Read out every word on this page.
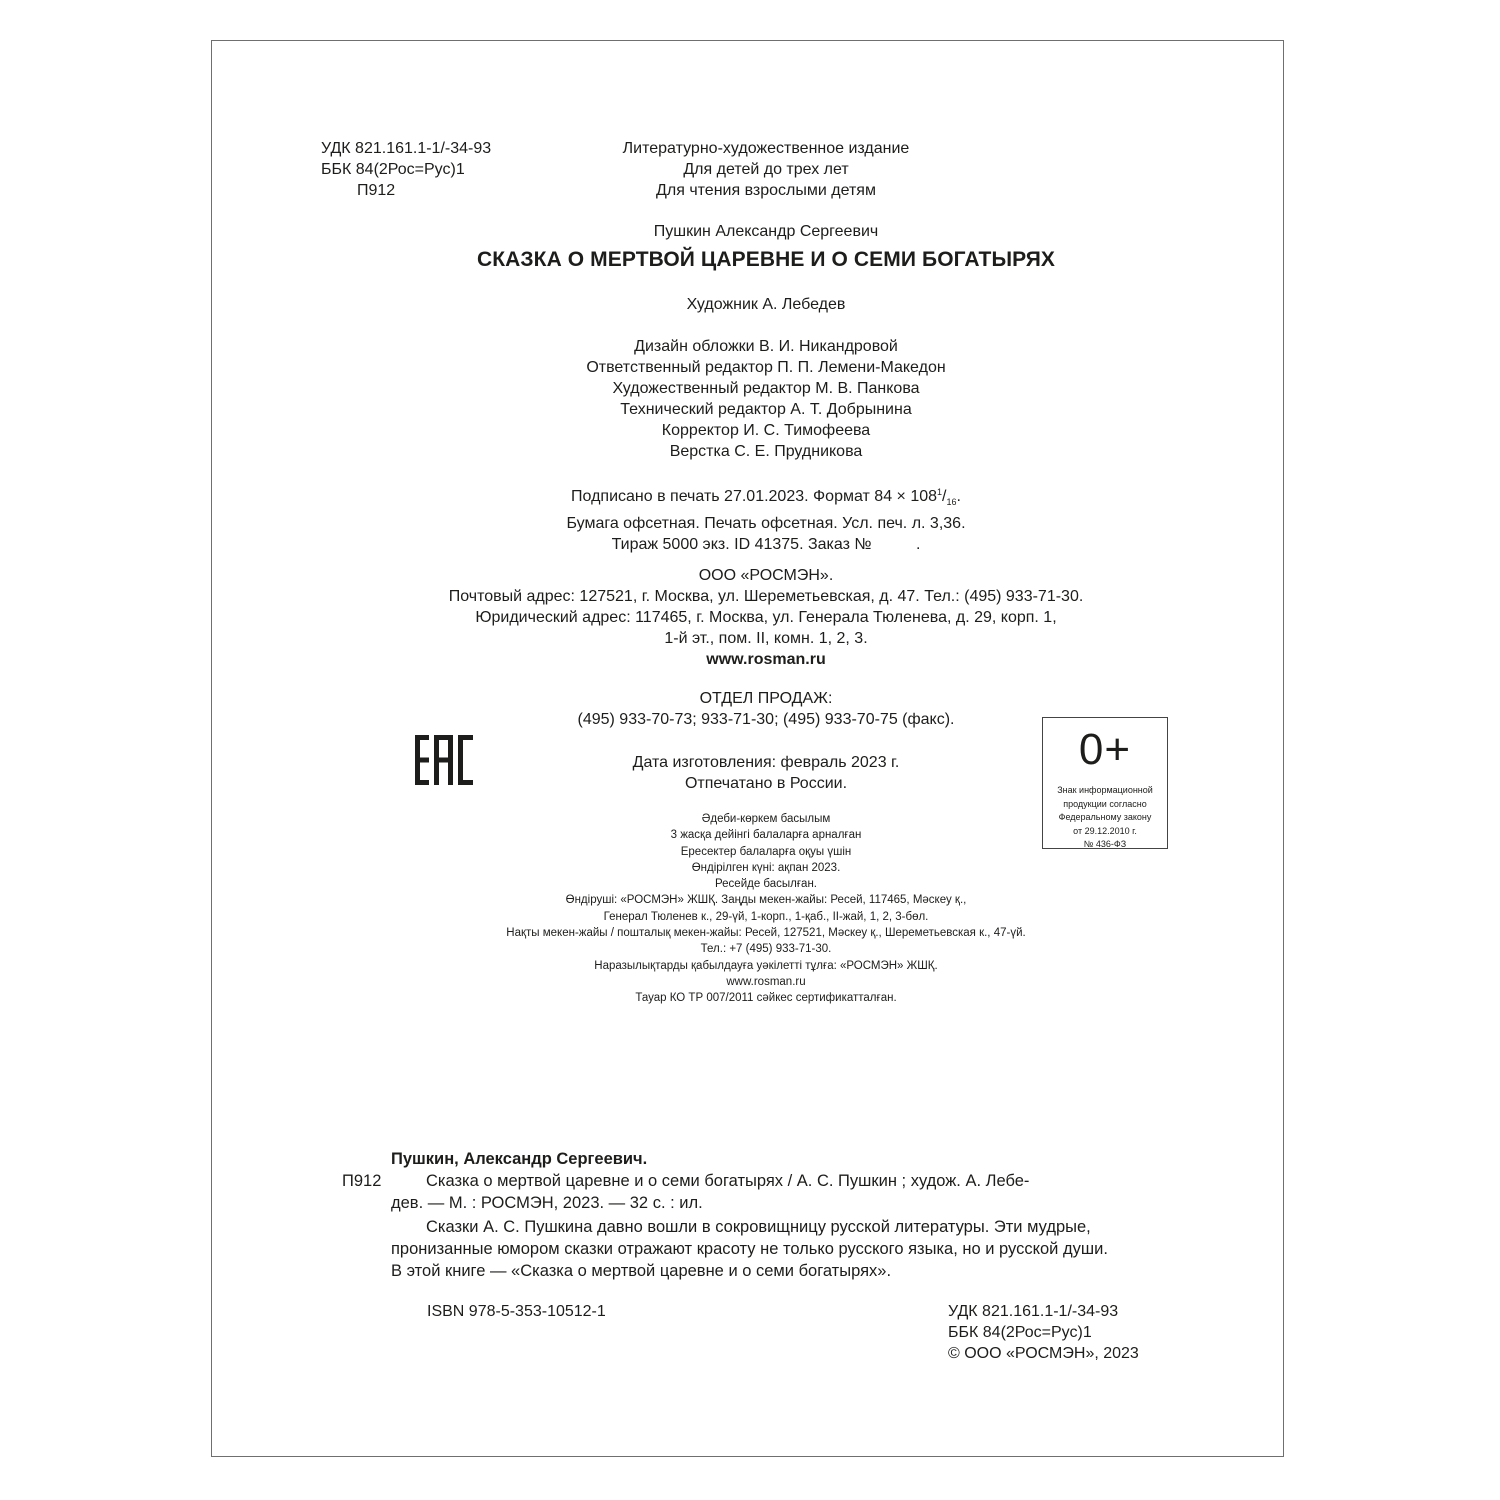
УДК 821.161.1-1/-34-93
ББК 84(2Рос=Рус)1
П912
Литературно-художественное издание
Для детей до трех лет
Для чтения взрослыми детям
Пушкин Александр Сергеевич
СКАЗКА О МЕРТВОЙ ЦАРЕВНЕ И О СЕМИ БОГАТЫРЯХ
Художник А. Лебедев
Дизайн обложки В. И. Никандровой
Ответственный редактор П. П. Лемени-Македон
Художественный редактор М. В. Панкова
Технический редактор А. Т. Добрынина
Корректор И. С. Тимофеева
Верстка С. Е. Прудникова
Подписано в печать 27.01.2023. Формат $84 \times 108^1/_{16}$.
Бумага офсетная. Печать офсетная. Усл. печ. л. 3,36.
Тираж 5000 экз. ID 41375. Заказ №          .
ООО «РОСМЭН».
Почтовый адрес: 127521, г. Москва, ул. Шереметьевская, д. 47. Тел.: (495) 933-71-30.
Юридический адрес: 117465, г. Москва, ул. Генерала Тюленева, д. 29, корп. 1,
1-й эт., пом. II, комн. 1, 2, 3.
www.rosman.ru
ОТДЕЛ ПРОДАЖ:
(495) 933-70-73; 933-71-30; (495) 933-70-75 (факс).
Дата изготовления: февраль 2023 г.
Отпечатано в России.
0+
Знак информационной
продукции согласно
Федеральному закону
от 29.12.2010 г.
№ 436-ФЗ
Әдеби-көркем басылым
3 жасқа дейінгі балаларға арналған
Ересектер балаларға оқуы үшін
Өндірілген күні: ақпан 2023.
Ресейде басылған.
Өндіруші: «РОСМЭН» ЖШҚ. Заңды мекен-жайы: Ресей, 117465, Мәскеу қ.,
Генерал Тюленев к., 29-үй, 1-корп., 1-қаб., II-жай, 1, 2, 3-бөл.
Нақты мекен-жайы / пошталық мекен-жайы: Ресей, 127521, Мәскеу қ., Шереметьевская к., 47-үй.
Тел.: +7 (495) 933-71-30.
Наразылықтарды қабылдауға уәкілетті тұлға: «РОСМЭН» ЖШҚ.
www.rosman.ru
Тауар КО ТР 007/2011 сәйкес сертификатталған.
Пушкин, Александр Сергеевич.
П912	Сказка о мертвой царевне и о семи богатырях / А. С. Пушкин ; худож. А. Лебе-
дев. — М. : РОСМЭН, 2023. — 32 с. : ил.
Сказки А. С. Пушкина давно вошли в сокровищницу русской литературы. Эти мудрые,
пронизанные юмором сказки отражают красоту не только русского языка, но и русской души.
В этой книге — «Сказка о мертвой царевне и о семи богатырях».
ISBN 978-5-353-10512-1	УДК 821.161.1-1/-34-93
ББК 84(2Рос=Рус)1
© ООО «РОСМЭН», 2023
